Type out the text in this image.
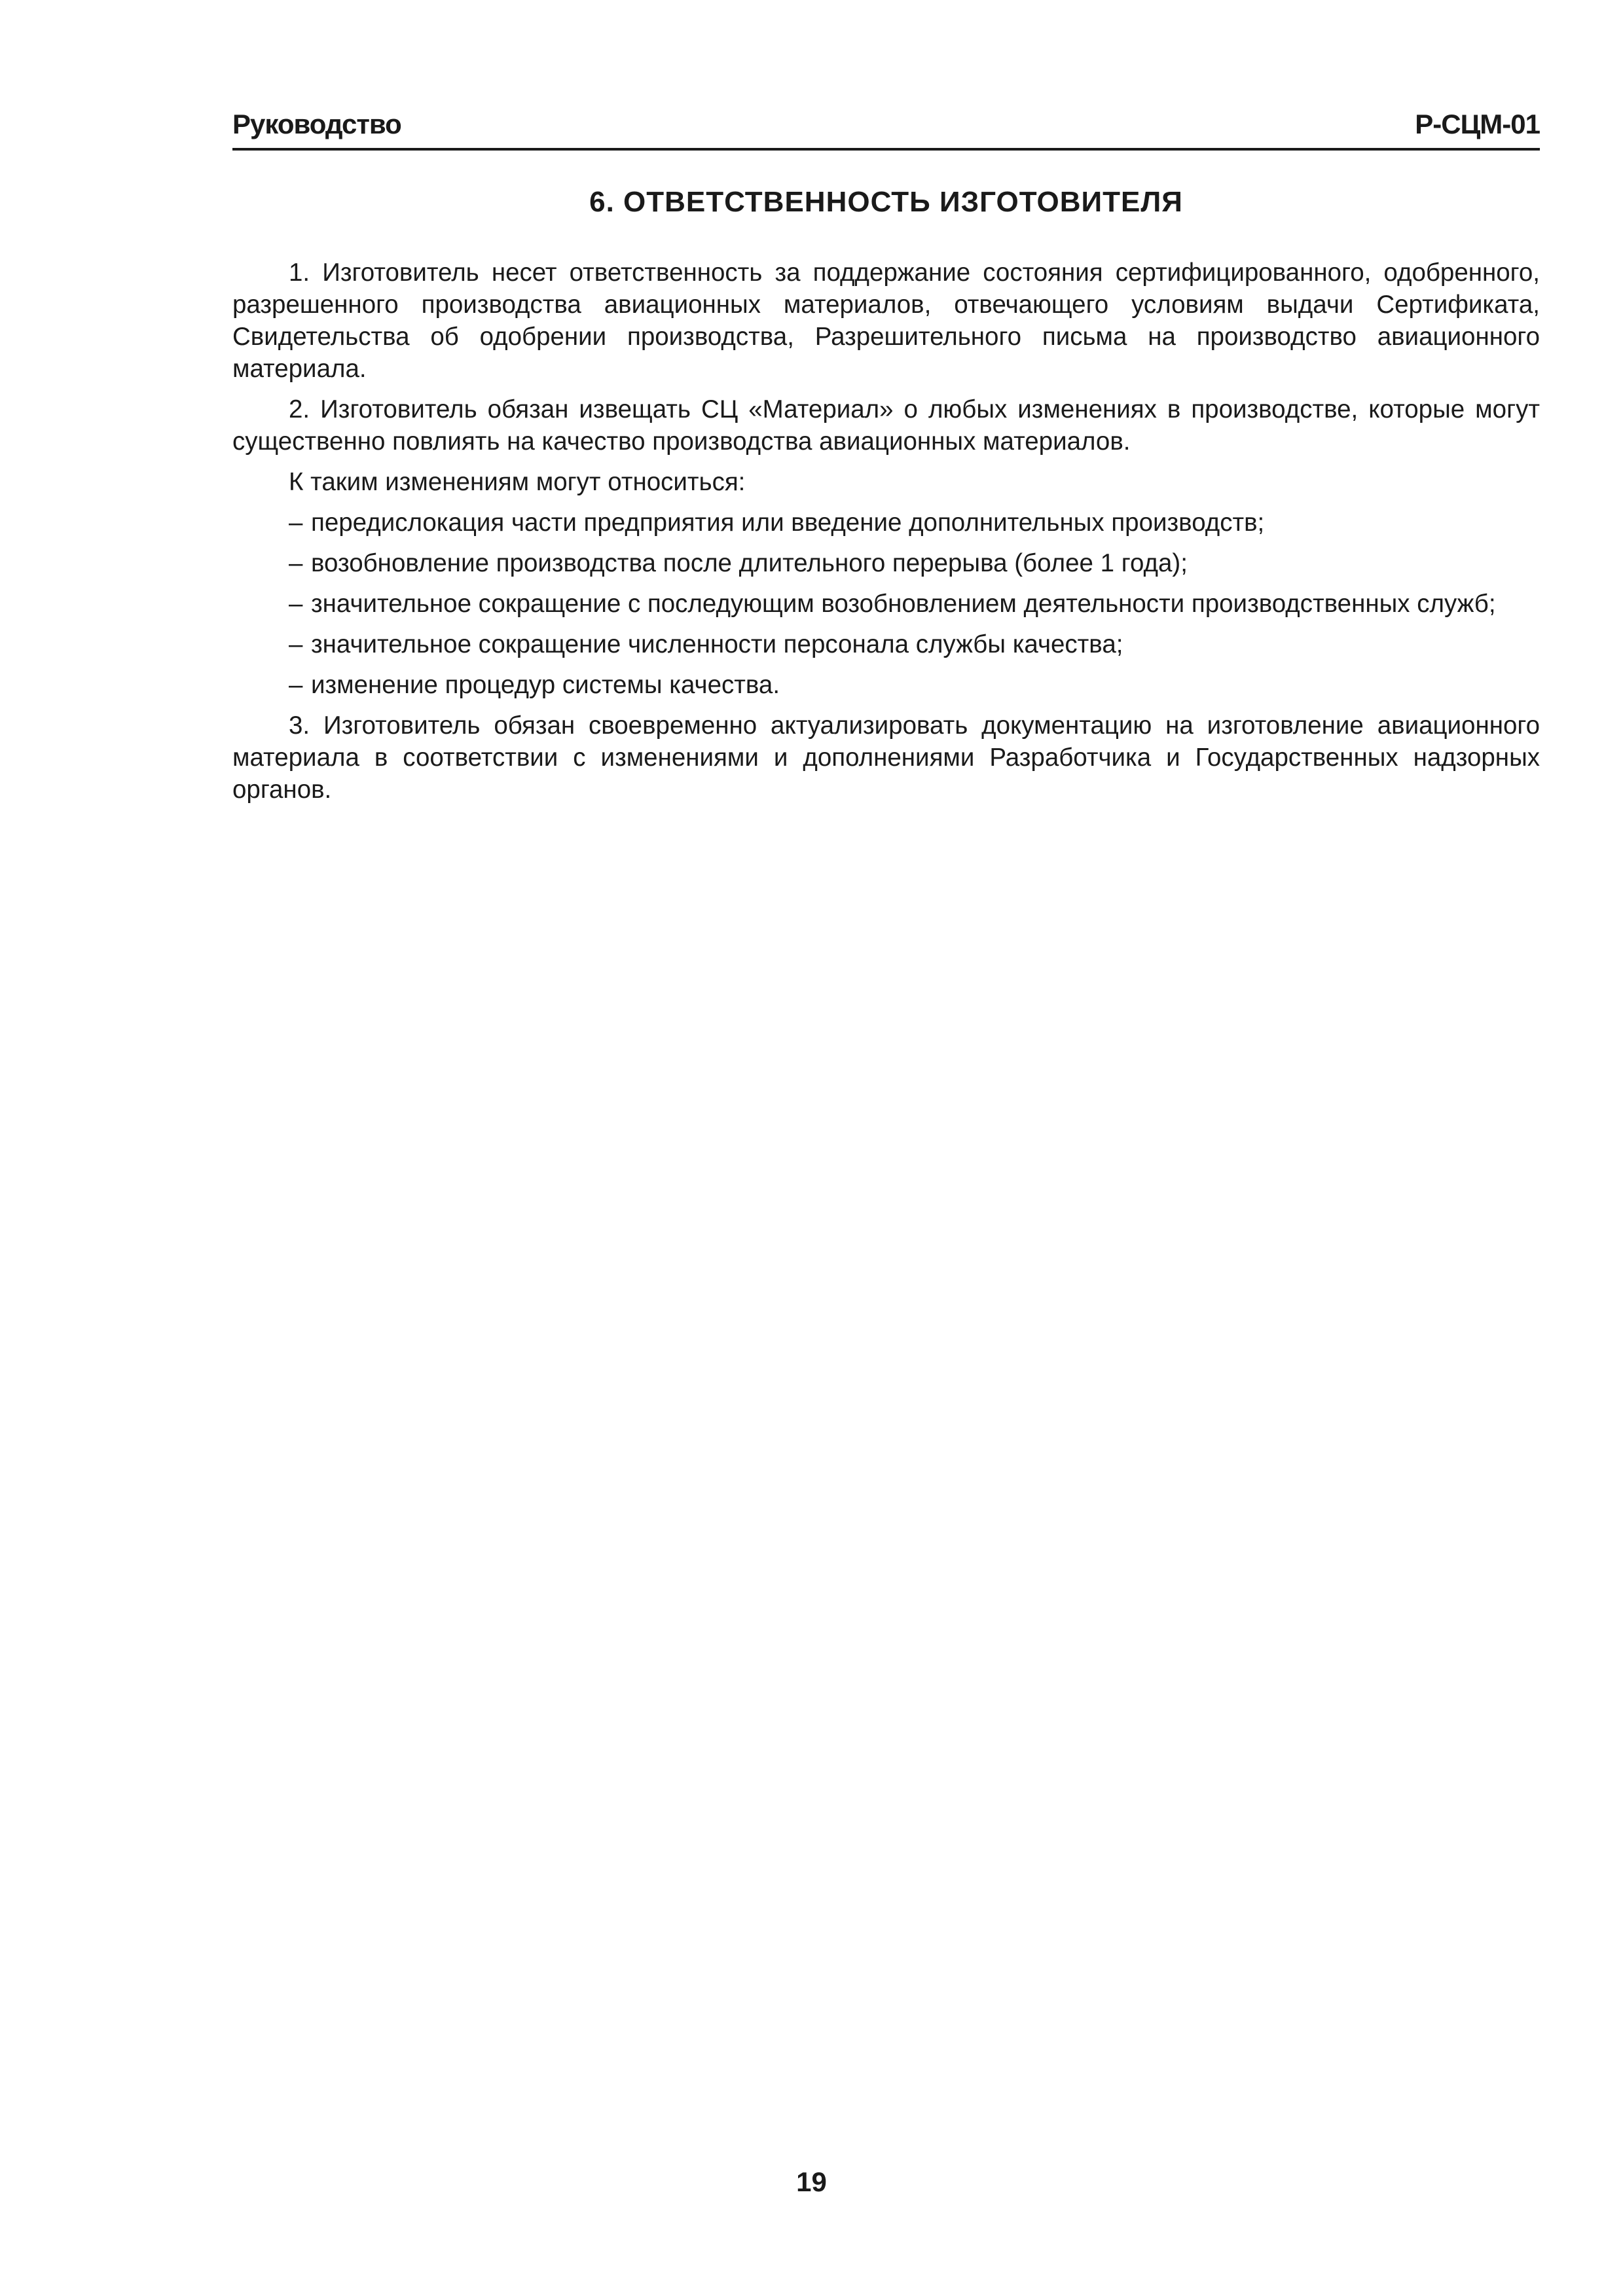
Руководство	Р-СЦМ-01
6. ОТВЕТСТВЕННОСТЬ ИЗГОТОВИТЕЛЯ

1. Изготовитель несет ответственность за поддержание состояния сертифицированного, одобренного, разрешенного производства авиационных материалов, отвечающего условиям выдачи Сертификата, Свидетельства об одобрении производства, Разрешительного письма на производство авиационного материала.

2. Изготовитель обязан извещать СЦ «Материал» о любых изменениях в производстве, которые могут существенно повлиять на качество производства авиационных материалов.

К таким изменениям могут относиться:

– передислокация части предприятия или введение дополнительных производств;
– возобновление производства после длительного перерыва (более 1 года);
– значительное сокращение с последующим возобновлением деятельности производственных служб;
– значительное сокращение численности персонала службы качества;
– изменение процедур системы качества.

3. Изготовитель обязан своевременно актуализировать документацию на изготовление авиационного материала в соответствии с изменениями и дополнениями Разработчика и Государственных надзорных органов.

19
